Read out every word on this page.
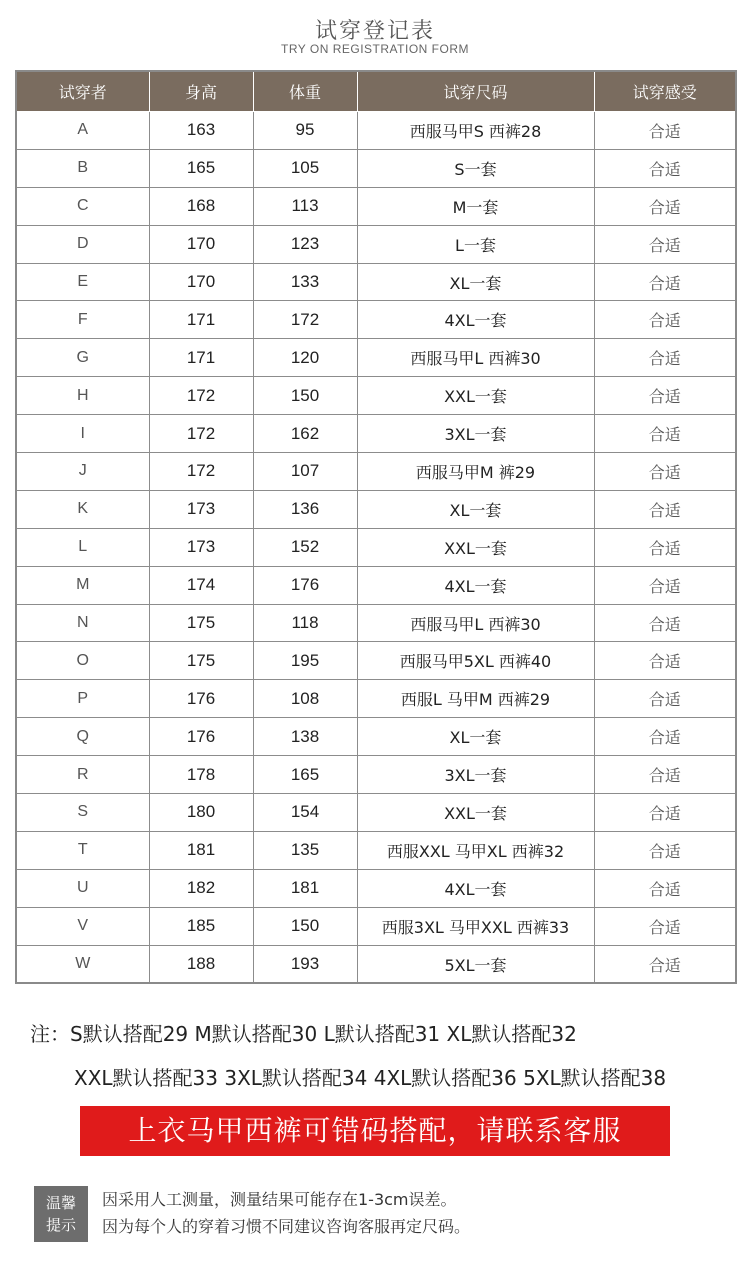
试穿登记表
TRY ON REGISTRATION FORM
试穿者	身高	体重	试穿尺码	试穿感受
A	163	95	西服马甲S 西裤28	合适
B	165	105	S一套	合适
C	168	113	M一套	合适
D	170	123	L一套	合适
E	170	133	XL一套	合适
F	171	172	4XL一套	合适
G	171	120	西服马甲L 西裤30	合适
H	172	150	XXL一套	合适
I	172	162	3XL一套	合适
J	172	107	西服马甲M 裤29	合适
K	173	136	XL一套	合适
L	173	152	XXL一套	合适
M	174	176	4XL一套	合适
N	175	118	西服马甲L 西裤30	合适
O	175	195	西服马甲5XL 西裤40	合适
P	176	108	西服L 马甲M 西裤29	合适
Q	176	138	XL一套	合适
R	178	165	3XL一套	合适
S	180	154	XXL一套	合适
T	181	135	西服XXL 马甲XL 西裤32	合适
U	182	181	4XL一套	合适
V	185	150	西服3XL 马甲XXL 西裤33	合适
W	188	193	5XL一套	合适
注：S默认搭配29 M默认搭配30 L默认搭配31 XL默认搭配32
XXL默认搭配33 3XL默认搭配34 4XL默认搭配36 5XL默认搭配38
上衣马甲西裤可错码搭配，请联系客服
温馨
提示
因采用人工测量，测量结果可能存在1-3cm误差。
因为每个人的穿着习惯不同建议咨询客服再定尺码。
